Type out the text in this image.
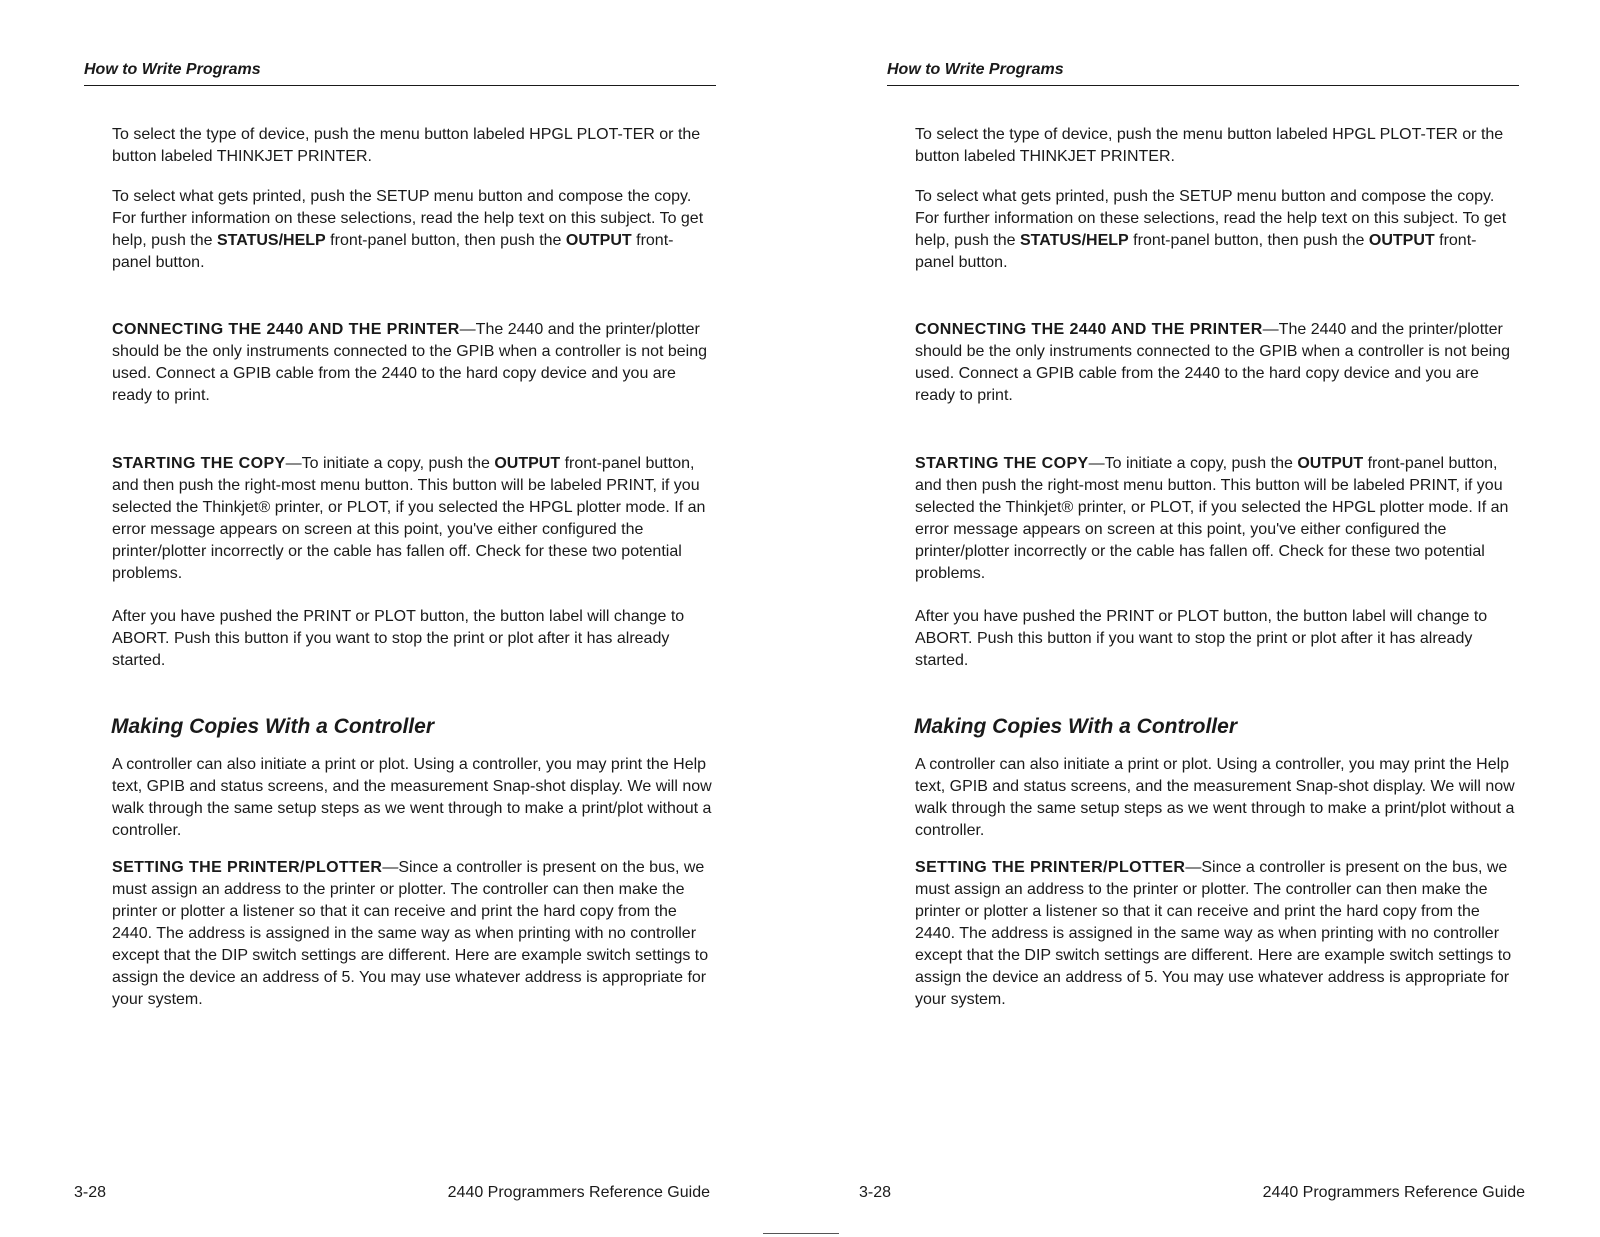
How to Write Programs

To select the type of device, push the menu button labeled HPGL PLOT-TER or the button labeled THINKJET PRINTER.

To select what gets printed, push the SETUP menu button and compose the copy. For further information on these selections, read the help text on this subject. To get help, push the STATUS/HELP front-panel button, then push the OUTPUT front-panel button.

CONNECTING THE 2440 AND THE PRINTER—The 2440 and the printer/plotter should be the only instruments connected to the GPIB when a controller is not being used. Connect a GPIB cable from the 2440 to the hard copy device and you are ready to print.

STARTING THE COPY—To initiate a copy, push the OUTPUT front-panel button, and then push the right-most menu button. This button will be labeled PRINT, if you selected the Thinkjet® printer, or PLOT, if you selected the HPGL plotter mode. If an error message appears on screen at this point, you've either configured the printer/plotter incorrectly or the cable has fallen off. Check for these two potential problems.

After you have pushed the PRINT or PLOT button, the button label will change to ABORT. Push this button if you want to stop the print or plot after it has already started.

Making Copies With a Controller

A controller can also initiate a print or plot. Using a controller, you may print the Help text, GPIB and status screens, and the measurement Snap-shot display. We will now walk through the same setup steps as we went through to make a print/plot without a controller.

SETTING THE PRINTER/PLOTTER—Since a controller is present on the bus, we must assign an address to the printer or plotter. The controller can then make the printer or plotter a listener so that it can receive and print the hard copy from the 2440. The address is assigned in the same way as when printing with no controller except that the DIP switch settings are different. Here are example switch settings to assign the device an address of 5. You may use whatever address is appropriate for your system.

3-28	2440 Programmers Reference Guide
How to Write Programs

To select the type of device, push the menu button labeled HPGL PLOT-TER or the button labeled THINKJET PRINTER.

To select what gets printed, push the SETUP menu button and compose the copy. For further information on these selections, read the help text on this subject. To get help, push the STATUS/HELP front-panel button, then push the OUTPUT front-panel button.

CONNECTING THE 2440 AND THE PRINTER—The 2440 and the printer/plotter should be the only instruments connected to the GPIB when a controller is not being used. Connect a GPIB cable from the 2440 to the hard copy device and you are ready to print.

STARTING THE COPY—To initiate a copy, push the OUTPUT front-panel button, and then push the right-most menu button. This button will be labeled PRINT, if you selected the Thinkjet® printer, or PLOT, if you selected the HPGL plotter mode. If an error message appears on screen at this point, you've either configured the printer/plotter incorrectly or the cable has fallen off. Check for these two potential problems.

After you have pushed the PRINT or PLOT button, the button label will change to ABORT. Push this button if you want to stop the print or plot after it has already started.

Making Copies With a Controller

A controller can also initiate a print or plot. Using a controller, you may print the Help text, GPIB and status screens, and the measurement Snap-shot display. We will now walk through the same setup steps as we went through to make a print/plot without a controller.

SETTING THE PRINTER/PLOTTER—Since a controller is present on the bus, we must assign an address to the printer or plotter. The controller can then make the printer or plotter a listener so that it can receive and print the hard copy from the 2440. The address is assigned in the same way as when printing with no controller except that the DIP switch settings are different. Here are example switch settings to assign the device an address of 5. You may use whatever address is appropriate for your system.

3-28	2440 Programmers Reference Guide
